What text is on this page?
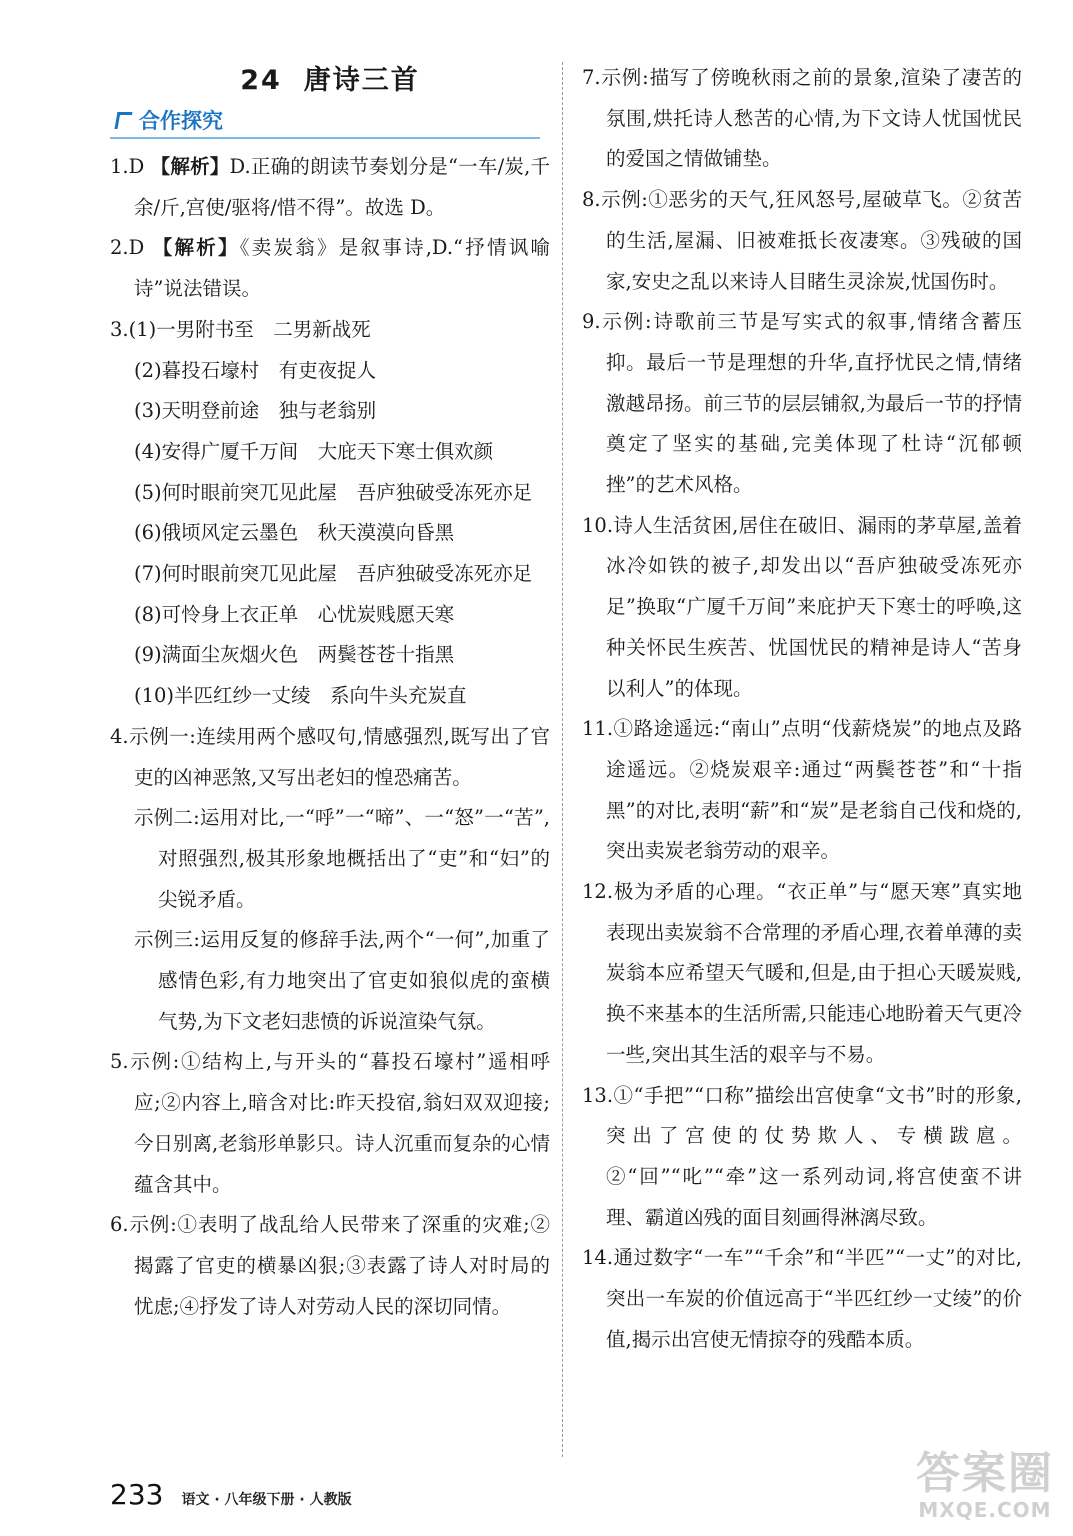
24 唐诗三首
合作探究
1.D 【解析】D.正确的朗读节奏划分是“一车/炭,千余/斤,宫使/驱将/惜不得”。故选 D。
2.D 【解析】《卖炭翁》是叙事诗,D.“抒情讽喻诗”说法错误。
3.(1)一男附书至　二男新战死
(2)暮投石壕村　有吏夜捉人
(3)天明登前途　独与老翁别
(4)安得广厦千万间　大庇天下寒士俱欢颜
(5)何时眼前突兀见此屋　吾庐独破受冻死亦足
(6)俄顷风定云墨色　秋天漠漠向昏黑
(7)何时眼前突兀见此屋　吾庐独破受冻死亦足
(8)可怜身上衣正单　心忧炭贱愿天寒
(9)满面尘灰烟火色　两鬓苍苍十指黑
(10)半匹红纱一丈绫　系向牛头充炭直
4.示例一:连续用两个感叹句,情感强烈,既写出了官吏的凶神恶煞,又写出老妇的惶恐痛苦。
示例二:运用对比,一“呼”一“啼”、一“怒”一“苦”,对照强烈,极其形象地概括出了“吏”和“妇”的尖锐矛盾。
示例三:运用反复的修辞手法,两个“一何”,加重了感情色彩,有力地突出了官吏如狼似虎的蛮横气势,为下文老妇悲愤的诉说渲染气氛。
5.示例:①结构上,与开头的“暮投石壕村”遥相呼应;②内容上,暗含对比:昨天投宿,翁妇双双迎接;今日别离,老翁形单影只。诗人沉重而复杂的心情蕴含其中。
6.示例:①表明了战乱给人民带来了深重的灾难;②揭露了官吏的横暴凶狠;③表露了诗人对时局的忧虑;④抒发了诗人对劳动人民的深切同情。
7.示例:描写了傍晚秋雨之前的景象,渲染了凄苦的氛围,烘托诗人愁苦的心情,为下文诗人忧国忧民的爱国之情做铺垫。
8.示例:①恶劣的天气,狂风怒号,屋破草飞。②贫苦的生活,屋漏、旧被难抵长夜凄寒。③残破的国家,安史之乱以来诗人目睹生灵涂炭,忧国伤时。
9.示例:诗歌前三节是写实式的叙事,情绪含蓄压抑。最后一节是理想的升华,直抒忧民之情,情绪激越昂扬。前三节的层层铺叙,为最后一节的抒情奠定了坚实的基础,完美体现了杜诗“沉郁顿挫”的艺术风格。
10.诗人生活贫困,居住在破旧、漏雨的茅草屋,盖着冰冷如铁的被子,却发出以“吾庐独破受冻死亦足”换取“广厦千万间”来庇护天下寒士的呼唤,这种关怀民生疾苦、忧国忧民的精神是诗人“苦身以利人”的体现。
11.①路途遥远:“南山”点明“伐薪烧炭”的地点及路途遥远。②烧炭艰辛:通过“两鬓苍苍”和“十指黑”的对比,表明“薪”和“炭”是老翁自己伐和烧的,突出卖炭老翁劳动的艰辛。
12.极为矛盾的心理。“衣正单”与“愿天寒”真实地表现出卖炭翁不合常理的矛盾心理,衣着单薄的卖炭翁本应希望天气暖和,但是,由于担心天暖炭贱,换不来基本的生活所需,只能违心地盼着天气更冷一些,突出其生活的艰辛与不易。
13.①“手把”“口称”描绘出宫使拿“文书”时的形象,突出了宫使的仗势欺人、专横跋扈。②“回”“叱”“牵”这一系列动词,将宫使蛮不讲理、霸道凶残的面目刻画得淋漓尽致。
14.通过数字“一车”“千余”和“半匹”“一丈”的对比,突出一车炭的价值远高于“半匹红纱一丈绫”的价值,揭示出宫使无情掠夺的残酷本质。
233 语文 · 八年级下册 · 人教版
答案圈
MXQE.COM
